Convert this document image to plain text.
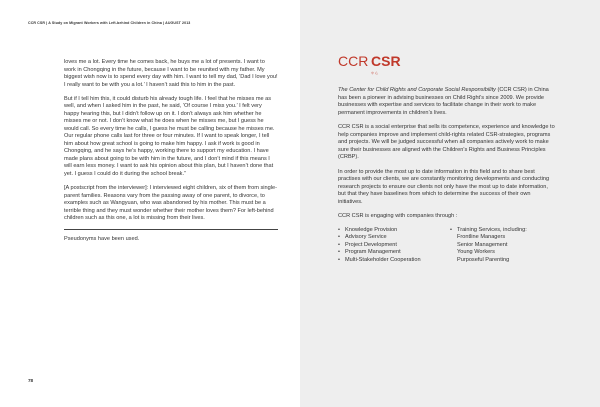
CCR CSR | A Study on Migrant Workers with Left-behind Children in China | AUGUST 2013

loves me a lot. Every time he comes back, he buys me a lot of presents. I want to work in Chongqing in the future, because I want to be reunited with my father. My biggest wish now is to spend every day with him. I want to tell my dad, ‘Dad I love you! I really want to be with you a lot.’ I haven’t said this to him in the past.

But if I tell him this, it could disturb his already tough life. I feel that he misses me as well, and when I asked him in the past, he said, ‘Of course I miss you.’ I felt very happy hearing this, but I didn’t follow up on it. I don’t always ask him whether he misses me or not. I don’t know what he does when he misses me, but I guess he would call. So every time he calls, I guess he must be calling because he misses me. Our regular phone calls last for three or four minutes. If I want to speak longer, I tell him about how great school is going to make him happy. I ask if work is good in Chongqing, and he says he’s happy, working there to support my education. I have made plans about going to be with him in the future, and I don’t mind if this means I will earn less money. I want to ask his opinion about this plan, but I haven’t done that yet. I guess I could do it during the school break.”

[A postscript from the interviewer]: I interviewed eight children, six of them from single-parent families. Reasons vary from the passing away of one parent, to divorce, to examples such as Wangyuan, who was abandoned by his mother. This must be a terrible thing and they must wonder whether their mother loves them? For left-behind children such as this one, a lot is missing from their lives.

Pseudonyms have been used.
78
CCR CSR
中 心

The Center for Child Rights and Corporate Social Responsibility (CCR CSR) in China has been a pioneer in advising businesses on Child Right’s since 2009. We provide businesses with expertise and services to facilitate change in their work to make permanent improvements in children’s lives.

CCR CSR is a social enterprise that sells its competence, experience and knowledge to help companies improve and implement child-rights related CSR-strategies, programs and projects. We will be judged successful when all companies actively work to make sure their businesses are aligned with the Children’s Rights and Business Principles (CRBP).

In order to provide the most up to date information in this field and to share best practises with our clients, we are constantly monitoring developments and conducting research projects to ensure our clients not only have the most up to date information, but that they have baselines from which to determine the success of their own initiatives.

CCR CSR is engaging with companies through :

• Knowledge Provision
• Advisory Service
• Project Development
• Program Management
• Multi-Stakeholder Cooperation
• Training Services, including:
Frontline Managers
Senior Management
Young Workers
Purposeful Parenting
